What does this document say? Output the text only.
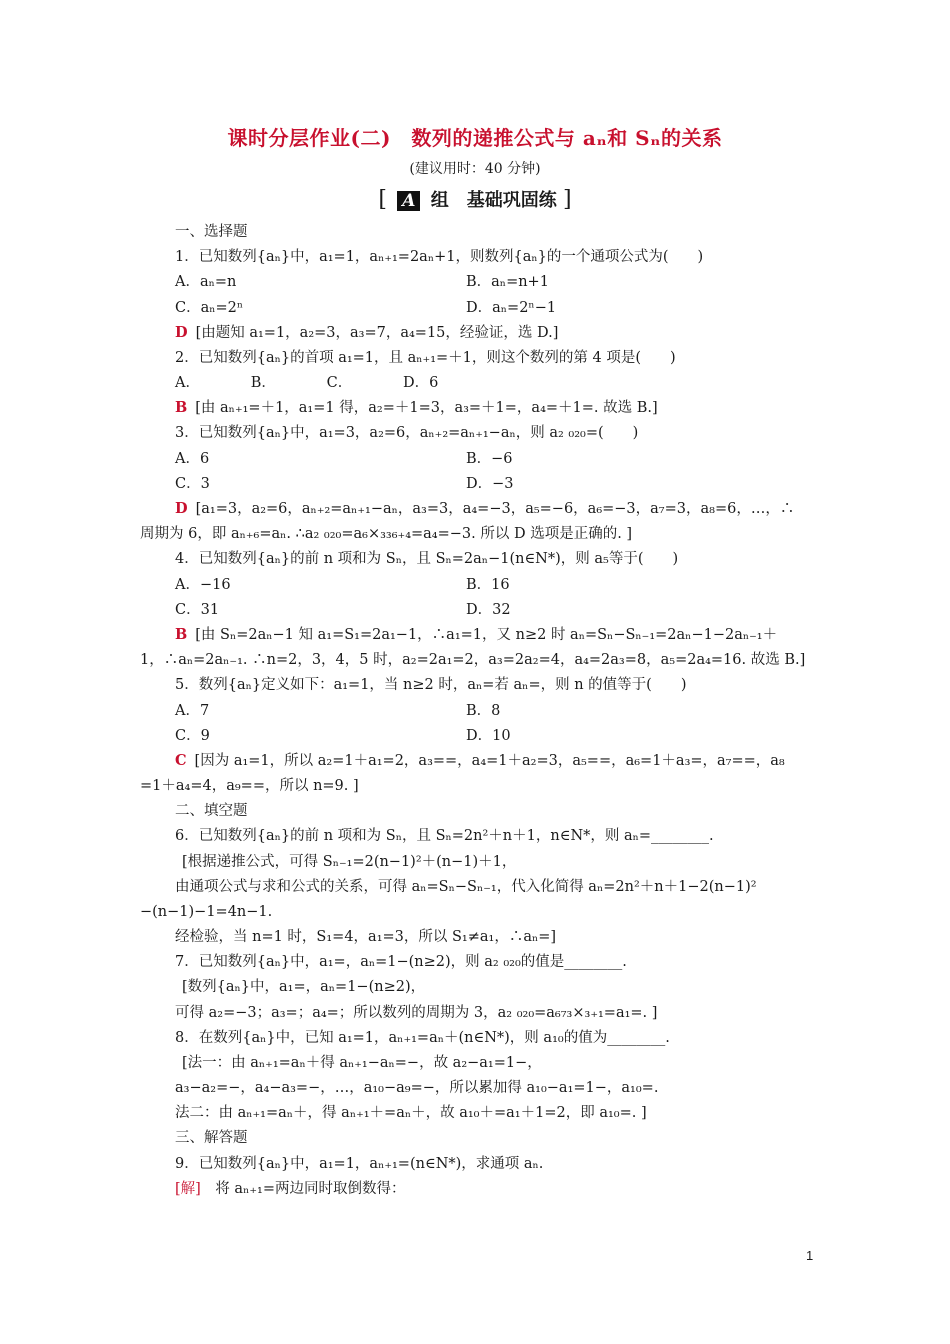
课时分层作业(二)　数列的递推公式与 aₙ和 Sₙ的关系
(建议用时：40 分钟)
[ A 组　基础巩固练 ]
一、选择题
1．已知数列{aₙ}中，a₁=1，aₙ₊₁=2aₙ+1，则数列{aₙ}的一个通项公式为(　　)
A．aₙ=n	B．aₙ=n+1
C．aₙ=2ⁿ	D．aₙ=2ⁿ−1
D [由题知 a₁=1，a₂=3，a₃=7，a₄=15，经验证，选 D.]
2．已知数列{aₙ}的首项 a₁=1，且 aₙ₊₁=＋1，则这个数列的第 4 项是(　　)
A．　　　　B．　　　　C．　　　　D．6
B [由 aₙ₊₁=＋1，a₁=1 得，a₂=＋1=3，a₃=＋1=，a₄=＋1=. 故选 B.]
3．已知数列{aₙ}中，a₁=3，a₂=6，aₙ₊₂=aₙ₊₁−aₙ，则 a₂ ₀₂₀=(　　)
A．6	B．−6
C．3	D．−3
D [a₁=3，a₂=6，aₙ₊₂=aₙ₊₁−aₙ，a₃=3，a₄=−3，a₅=−6，a₆=−3，a₇=3，a₈=6，…，∴
周期为 6，即 aₙ₊₆=aₙ. ∴a₂ ₀₂₀=a₆×₃₃₆₊₄=a₄=−3. 所以 D 选项是正确的. ]
4．已知数列{aₙ}的前 n 项和为 Sₙ，且 Sₙ=2aₙ−1(n∈N*)，则 a₅等于(　　)
A．−16	B．16
C．31	D．32
B [由 Sₙ=2aₙ−1 知 a₁=S₁=2a₁−1，∴a₁=1，又 n≥2 时 aₙ=Sₙ−Sₙ₋₁=2aₙ−1−2aₙ₋₁＋
1，∴aₙ=2aₙ₋₁. ∴n=2，3，4，5 时，a₂=2a₁=2，a₃=2a₂=4，a₄=2a₃=8，a₅=2a₄=16. 故选 B.]
5．数列{aₙ}定义如下：a₁=1，当 n≥2 时，aₙ=若 aₙ=，则 n 的值等于(　　)
A．7	B．8
C．9	D．10
C [因为 a₁=1，所以 a₂=1＋a₁=2，a₃==，a₄=1＋a₂=3，a₅==，a₆=1＋a₃=，a₇==，a₈
=1＋a₄=4，a₉==，所以 n=9. ]
二、填空题
6．已知数列{aₙ}的前 n 项和为 Sₙ，且 Sₙ=2n²＋n＋1，n∈N*，则 aₙ=________.
[根据递推公式，可得 Sₙ₋₁=2(n−1)²＋(n−1)＋1，
由通项公式与求和公式的关系，可得 aₙ=Sₙ−Sₙ₋₁，代入化简得 aₙ=2n²＋n＋1−2(n−1)²
−(n−1)−1=4n−1.
经检验，当 n=1 时，S₁=4，a₁=3，所以 S₁≠a₁，∴aₙ=]
7．已知数列{aₙ}中，a₁=，aₙ=1−(n≥2)，则 a₂ ₀₂₀的值是________.
[数列{aₙ}中，a₁=，aₙ=1−(n≥2)，
可得 a₂=−3；a₃=；a₄=；所以数列的周期为 3，a₂ ₀₂₀=a₆₇₃×₃₊₁=a₁=. ]
8．在数列{aₙ}中，已知 a₁=1，aₙ₊₁=aₙ＋(n∈N*)，则 a₁₀的值为________.
[法一：由 aₙ₊₁=aₙ＋得 aₙ₊₁−aₙ=−，故 a₂−a₁=1−，
a₃−a₂=−，a₄−a₃=−，…，a₁₀−a₉=−，所以累加得 a₁₀−a₁=1−，a₁₀=.
法二：由 aₙ₊₁=aₙ＋，得 aₙ₊₁＋=aₙ＋，故 a₁₀＋=a₁＋1=2，即 a₁₀=. ]
三、解答题
9．已知数列{aₙ}中，a₁=1，aₙ₊₁=(n∈N*)，求通项 aₙ.
[解]　将 aₙ₊₁=两边同时取倒数得：
1
